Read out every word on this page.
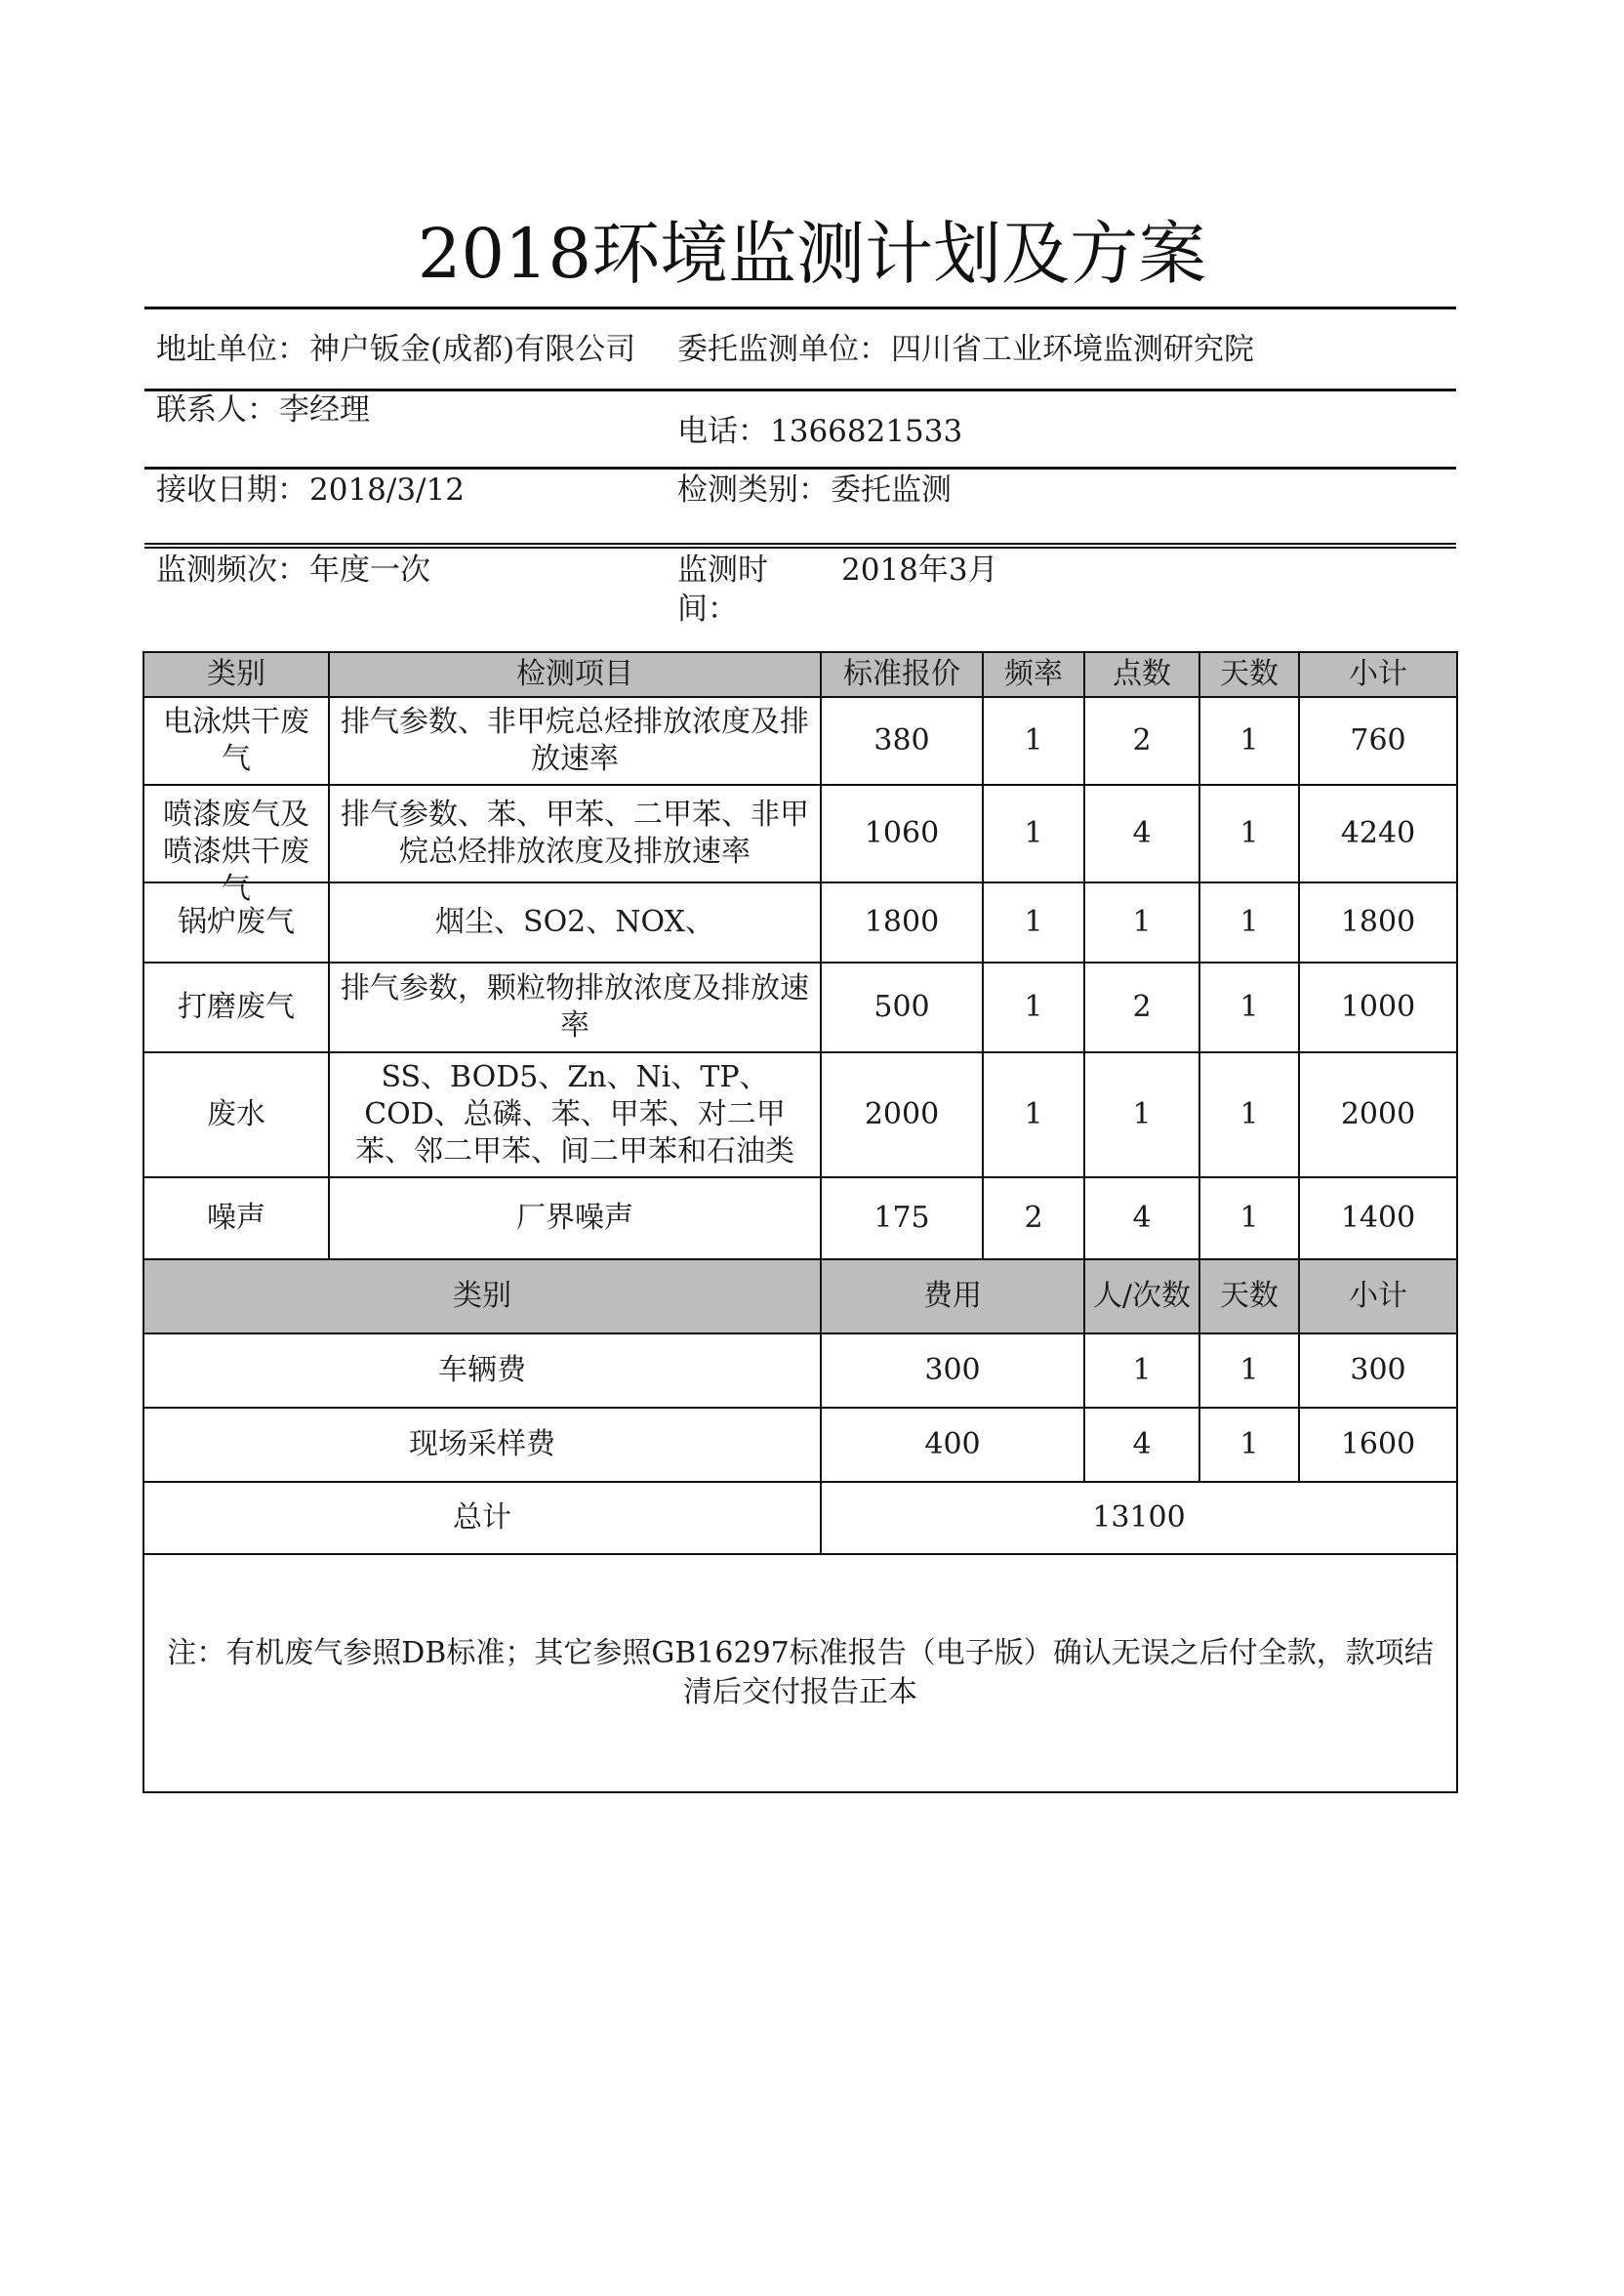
2018环境监测计划及方案
地址单位：神户钣金(成都)有限公司 委托监测单位：四川省工业环境监测研究院
联系人：李经理
电话：1366821533
接收日期：2018/3/12	检测类别：委托监测
监测频次：年度一次	监测时间：
2018年3月
类别	检测项目	标准报价	频率	点数	天数	小计
电泳烘干废气	排气参数、非甲烷总烃排放浓度及排放速率	380	1	2	1	760

喷漆废气及喷漆烘干废气	排气参数、苯、甲苯、二甲苯、非甲烷总烃排放浓度及排放速率	1060	1	4	1	4240
锅炉废气	烟尘、SO2、NOX、	1800	1	1	1	1800
打磨废气	排气参数，颗粒物排放浓度及排放速率	500	1	2	1	1000
废水	SS、BOD5、Zn、Ni、TP、COD、总磷、苯、甲苯、对二甲苯、邻二甲苯、间二甲苯和石油类	2000	1	1	1	2000
噪声	厂界噪声	175	2	4	1	1400
类别		费用		人/次数	天数	小计
车辆费		300		1	1	300
现场采样费		400		4	1	1600
总计		13100				
注：有机废气参照DB标准；其它参照GB16297标准报告（电子版）确认无误之后付全款，款项结清后交付报告正本						
